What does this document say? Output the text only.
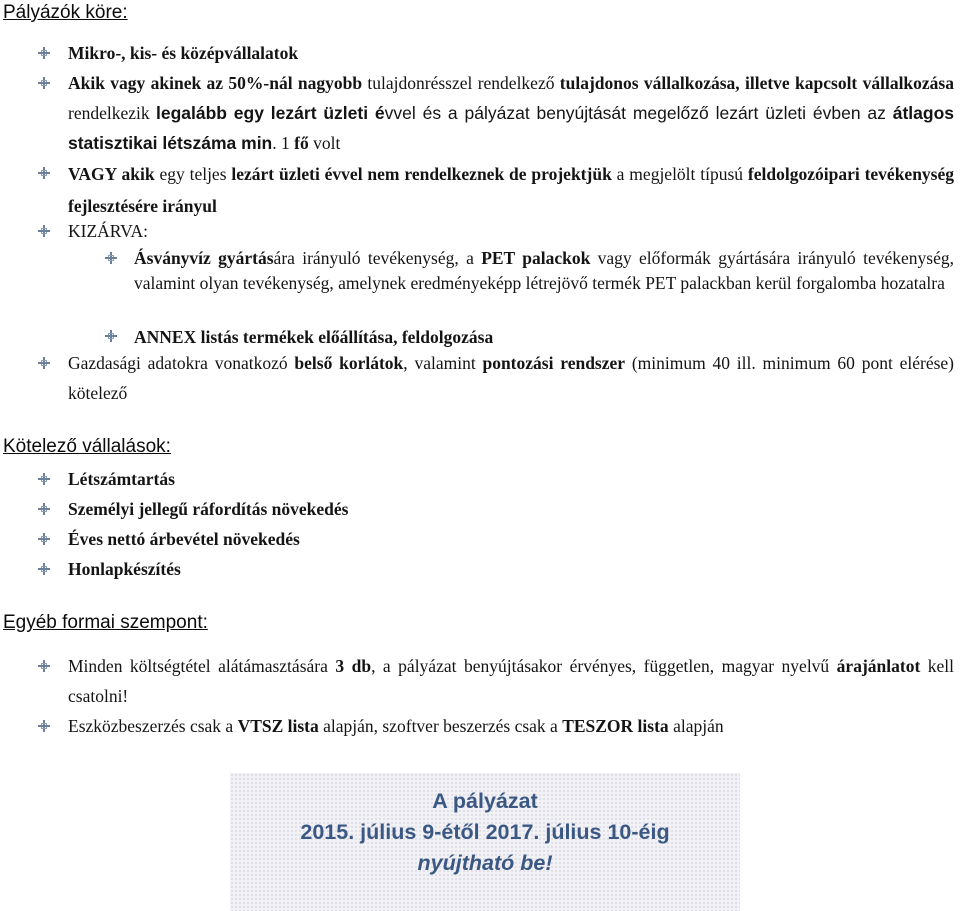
Pályázók köre:

Mikro-, kis- és középvállalatok

Akik vagy akinek az 50%-nál nagyobb tulajdonrésszel rendelkező tulajdonos vállalkozása, illetve kapcsolt vállalkozása rendelkezik legalább egy lezárt üzleti évvel és a pályázat benyújtását megelőző lezárt üzleti évben az átlagos statisztikai létszáma min. 1 fő volt

VAGY akik egy teljes lezárt üzleti évvel nem rendelkeznek de projektjük a megjelölt típusú feldolgozóipari tevékenység fejlesztésére irányul

KIZÁRVA:

Ásványvíz gyártására irányuló tevékenység, a PET palackok vagy előformák gyártására irányuló tevékenység, valamint olyan tevékenység, amelynek eredményeképp létrejövő termék PET palackban kerül forgalomba hozatalra

ANNEX listás termékek előállítása, feldolgozása

Gazdasági adatokra vonatkozó belső korlátok, valamint pontozási rendszer (minimum 40 ill. minimum 60 pont elérése) kötelező

Kötelező vállalások:

Létszámtartás

Személyi jellegű ráfordítás növekedés

Éves nettó árbevétel növekedés

Honlapkészítés

Egyéb formai szempont:

Minden költségtétel alátámasztására 3 db, a pályázat benyújtásakor érvényes, független, magyar nyelvű árajánlatot kell csatolni!

Eszközbeszerzés csak a VTSZ lista alapján, szoftver beszerzés csak a TESZOR lista alapján

A pályázat
2015. július 9-étől 2017. július 10-éig
nyújtható be!
